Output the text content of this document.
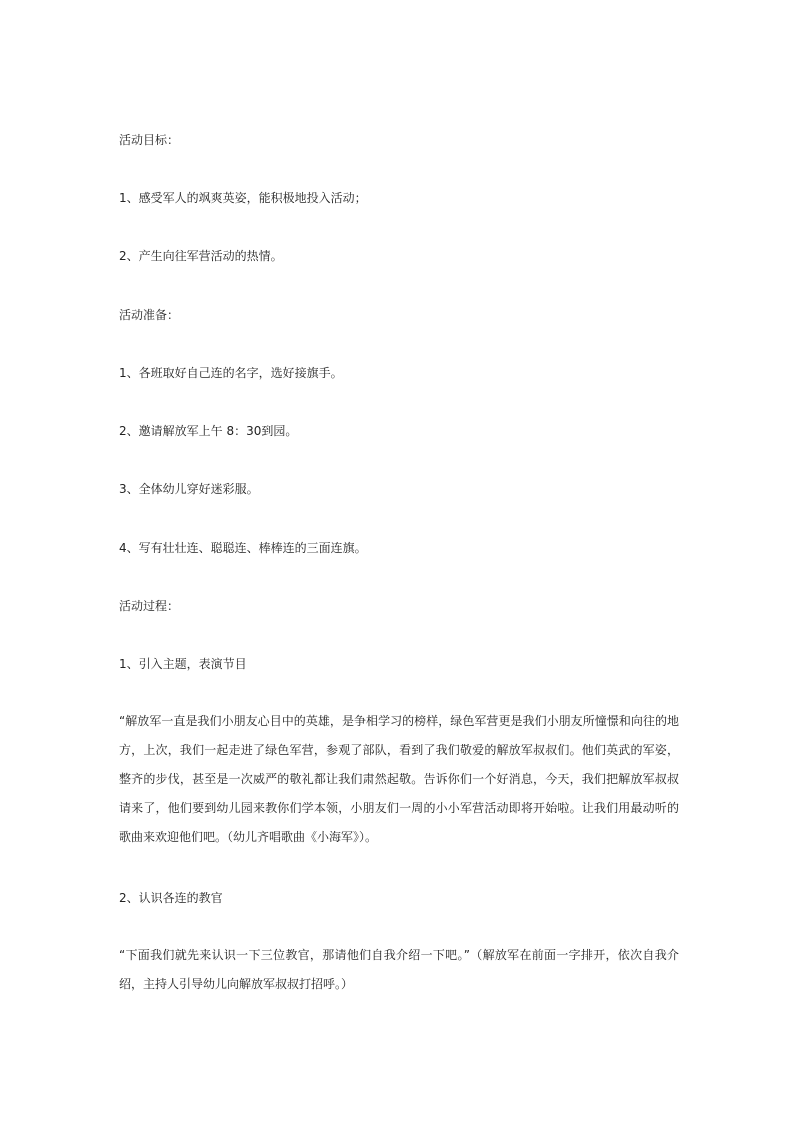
活动目标：
1、感受军人的飒爽英姿，能积极地投入活动；
2、产生向往军营活动的热情。
活动准备：
1、各班取好自己连的名字，选好接旗手。
2、邀请解放军上午 8：30到园。
3、全体幼儿穿好迷彩服。
4、写有壮壮连、聪聪连、棒棒连的三面连旗。
活动过程：
1、引入主题，表演节目
“解放军一直是我们小朋友心目中的英雄，是争相学习的榜样，绿色军营更是我们小朋友所憧憬和向往的地方，上次，我们一起走进了绿色军营，参观了部队，看到了我们敬爱的解放军叔叔们。他们英武的军姿，整齐的步伐，甚至是一次威严的敬礼都让我们肃然起敬。告诉你们一个好消息，今天，我们把解放军叔叔请来了，他们要到幼儿园来教你们学本领，小朋友们一周的小小军营活动即将开始啦。让我们用最动听的歌曲来欢迎他们吧。（幼儿齐唱歌曲《小海军》）。
2、认识各连的教官
“下面我们就先来认识一下三位教官，那请他们自我介绍一下吧。”（解放军在前面一字排开，依次自我介绍，主持人引导幼儿向解放军叔叔打招呼。）
